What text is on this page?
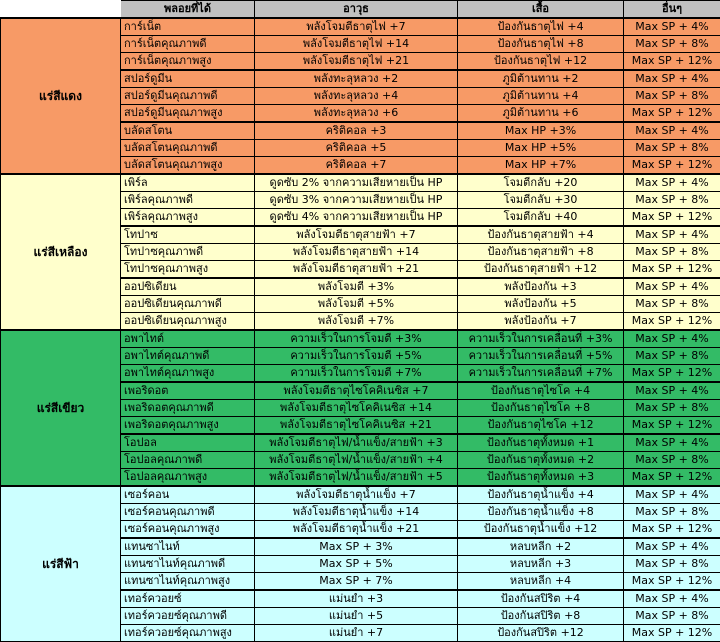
	พลอยที่ได้	อาวุธ	เสื้อ	อื่นๆ
แร่สีแดง	การ์เน็ต	พลังโจมตีธาตุไฟ +7	ป้องกันธาตุไฟ +4	Max SP + 4%
	การ์เน็ตคุณภาพดี	พลังโจมตีธาตุไฟ +14	ป้องกันธาตุไฟ +8	Max SP + 8%
	การ์เน็ตคุณภาพสูง	พลังโจมตีธาตุไฟ +21	ป้องกันธาตุไฟ +12	Max SP + 12%
	สปอร์ดูมีน	พลังทะลุหลวง +2	ภูมิต้านทาน +2	Max SP + 4%
	สปอร์ดูมีนคุณภาพดี	พลังทะลุหลวง +4	ภูมิต้านทาน +4	Max SP + 8%
	สปอร์ดูมีนคุณภาพสูง	พลังทะลุหลวง +6	ภูมิต้านทาน +6	Max SP + 12%
	บลัดสโตน	คริติคอล +3	Max HP +3%	Max SP + 4%
	บลัดสโตนคุณภาพดี	คริติคอล +5	Max HP +5%	Max SP + 8%
	บลัดสโตนคุณภาพสูง	คริติคอล +7	Max HP +7%	Max SP + 12%
แร่สีเหลือง	เพิร์ล	ดูดซับ 2% จากความเสียหายเป็น HP	โจมตีกลับ +20	Max SP + 4%
	เพิร์ลคุณภาพดี	ดูดซับ 3% จากความเสียหายเป็น HP	โจมตีกลับ +30	Max SP + 8%
	เพิร์ลคุณภาพสูง	ดูดซับ 4% จากความเสียหายเป็น HP	โจมตีกลับ +40	Max SP + 12%
	โทปาซ	พลังโจมตีธาตุสายฟ้า +7	ป้องกันธาตุสายฟ้า +4	Max SP + 4%
	โทปาซคุณภาพดี	พลังโจมตีธาตุสายฟ้า +14	ป้องกันธาตุสายฟ้า +8	Max SP + 8%
	โทปาซคุณภาพสูง	พลังโจมตีธาตุสายฟ้า +21	ป้องกันธาตุสายฟ้า +12	Max SP + 12%
	ออปซิเดียน	พลังโจมตี +3%	พลังป้องกัน +3	Max SP + 4%
	ออปซิเดียนคุณภาพดี	พลังโจมตี +5%	พลังป้องกัน +5	Max SP + 8%
	ออปซิเดียนคุณภาพสูง	พลังโจมตี +7%	พลังป้องกัน +7	Max SP + 12%
แร่สีเขียว	อพาไทต์	ความเร็วในการโจมตี +3%	ความเร็วในการเคลื่อนที่ +3%	Max SP + 4%
	อพาไทต์คุณภาพดี	ความเร็วในการโจมตี +5%	ความเร็วในการเคลื่อนที่ +5%	Max SP + 8%
	อพาไทต์คุณภาพสูง	ความเร็วในการโจมตี +7%	ความเร็วในการเคลื่อนที่ +7%	Max SP + 12%
	เพอริดอต	พลังโจมตีธาตุไซโคคิเนซิส +7	ป้องกันธาตุไซโค +4	Max SP + 4%
	เพอริดอตคุณภาพดี	พลังโจมตีธาตุไซโคคิเนซิส +14	ป้องกันธาตุไซโค +8	Max SP + 8%
	เพอริดอตคุณภาพสูง	พลังโจมตีธาตุไซโคคิเนซิส +21	ป้องกันธาตุไซโค +12	Max SP + 12%
	โอปอล	พลังโจมตีธาตุไฟ/น้ำแข็ง/สายฟ้า +3	ป้องกันธาตุทั้งหมด +1	Max SP + 4%
	โอปอลคุณภาพดี	พลังโจมตีธาตุไฟ/น้ำแข็ง/สายฟ้า +4	ป้องกันธาตุทั้งหมด +2	Max SP + 8%
	โอปอลคุณภาพสูง	พลังโจมตีธาตุไฟ/น้ำแข็ง/สายฟ้า +5	ป้องกันธาตุทั้งหมด +3	Max SP + 12%
แร่สีฟ้า	เซอร์คอน	พลังโจมตีธาตุน้ำแข็ง +7	ป้องกันธาตุน้ำแข็ง +4	Max SP + 4%
	เซอร์คอนคุณภาพดี	พลังโจมตีธาตุน้ำแข็ง +14	ป้องกันธาตุน้ำแข็ง +8	Max SP + 8%
	เซอร์คอนคุณภาพสูง	พลังโจมตีธาตุน้ำแข็ง +21	ป้องกันธาตุน้ำแข็ง +12	Max SP + 12%
	แทนซาไนท์	Max SP + 3%	หลบหลีก +2	Max SP + 4%
	แทนซาไนท์คุณภาพดี	Max SP + 5%	หลบหลีก +3	Max SP + 8%
	แทนซาไนท์คุณภาพสูง	Max SP + 7%	หลบหลีก +4	Max SP + 12%
	เทอร์ควอยซ์	แม่นยำ +3	ป้องกันสปิริต +4	Max SP + 4%
	เทอร์ควอยซ์คุณภาพดี	แม่นยำ +5	ป้องกันสปิริต +8	Max SP + 8%
	เทอร์ควอยซ์คุณภาพสูง	แม่นยำ +7	ป้องกันสปิริต +12	Max SP + 12%
